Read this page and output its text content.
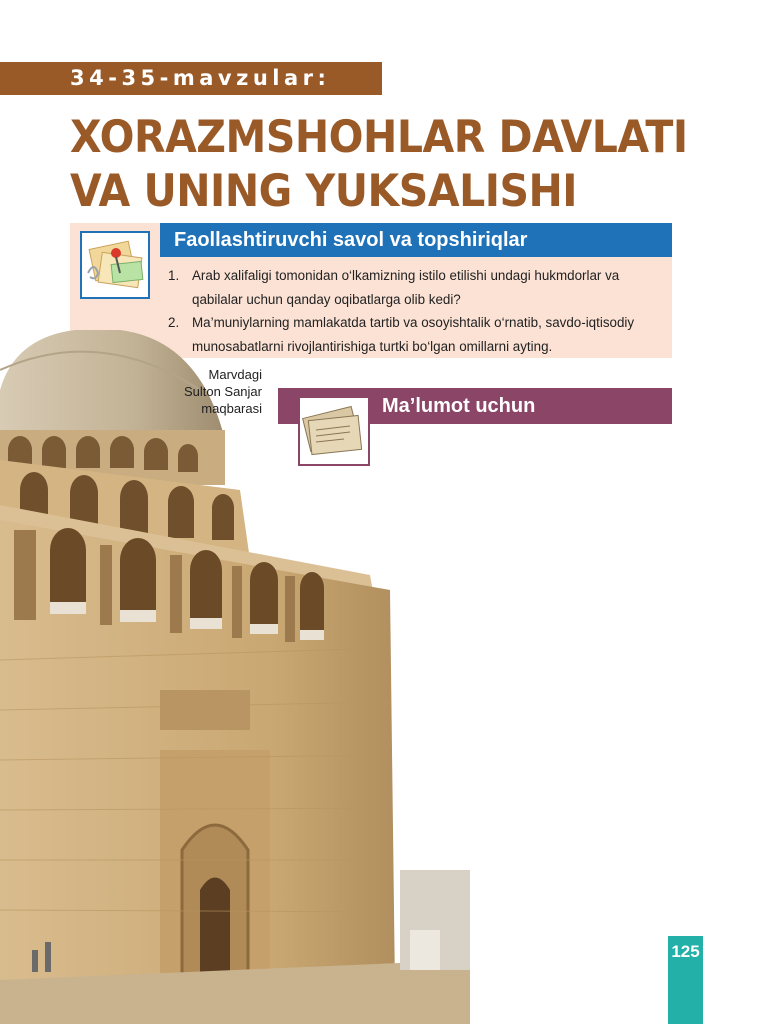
34-35-mavzular:
XORAZMSHOHLAR DAVLATI
VA UNING YUKSALISHI
Faollashtiruvchi savol va topshiriqlar
1. Arab xalifaligi tomonidan o‘lkamizning istilo etilishi undagi hukmdorlar va
qabilalar uchun qanday oqibatlarga olib kedi?
2. Ma’muniylarning mamlakatda tartib va osoyishtalik o‘rnatib, savdo-iqtisodiy
munosabatlarni rivojlantirishiga turtki bo‘lgan omillarni ayting.
Marvdagi
Sulton Sanjar
maqbarasi	Ma’lumot uchun
125
